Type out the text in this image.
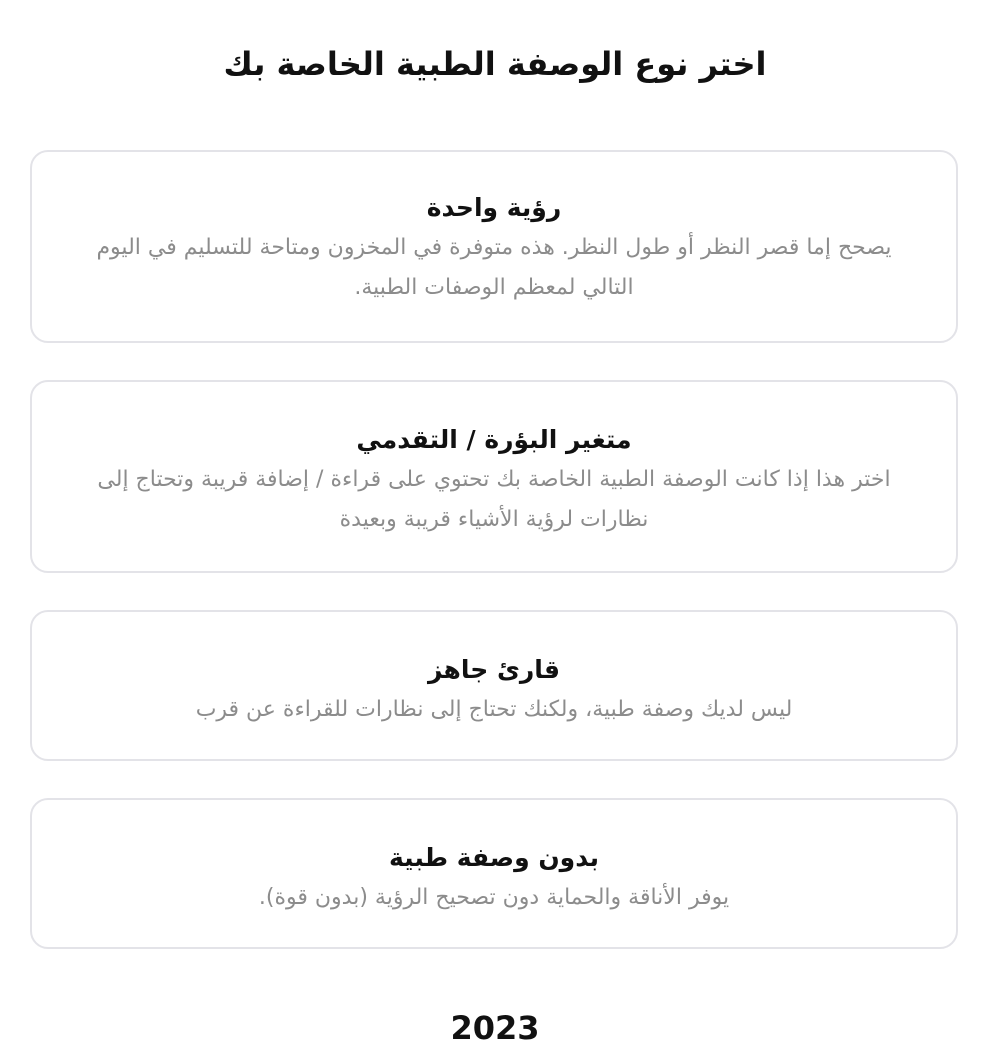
اختر نوع الوصفة الطبية الخاصة بك
رؤية واحدة
يصحح إما قصر النظر أو طول النظر. هذه متوفرة في المخزون ومتاحة للتسليم في اليوم التالي لمعظم الوصفات الطبية.
متغير البؤرة / التقدمي
اختر هذا إذا كانت الوصفة الطبية الخاصة بك تحتوي على قراءة / إضافة قريبة وتحتاج إلى نظارات لرؤية الأشياء قريبة وبعيدة
قارئ جاهز
ليس لديك وصفة طبية، ولكنك تحتاج إلى نظارات للقراءة عن قرب
بدون وصفة طبية
يوفر الأناقة والحماية دون تصحيح الرؤية (بدون قوة).
2023
